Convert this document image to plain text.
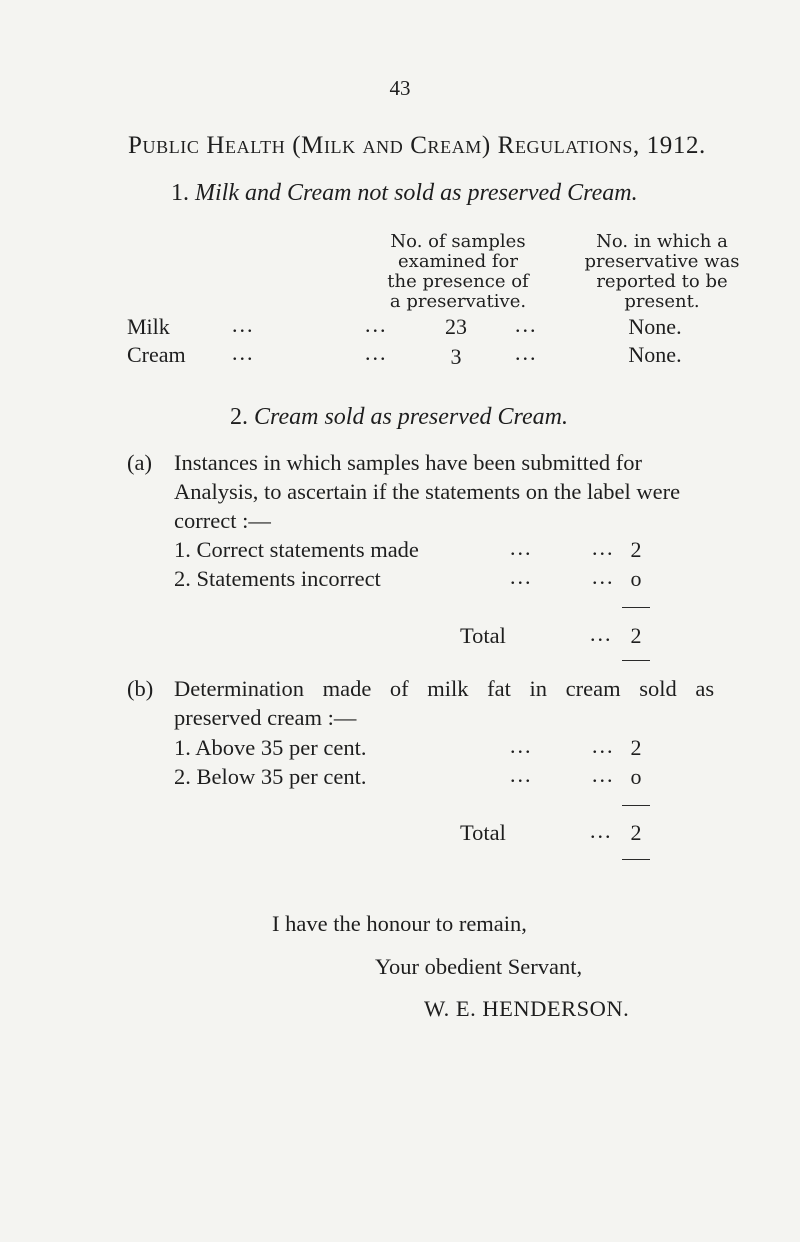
43
Public Health (Milk and Cream) Regulations, 1912.
1. Milk and Cream not sold as preserved Cream.
No. of samples
examined for
the presence of
a preservative.
No. in which a
preservative was
reported to be
present.
Milk	...	...	23	...	None.
Cream ...	...	3	...	None.
2. Cream sold as preserved Cream.
(a) Instances in which samples have been submitted for
Analysis, to ascertain if the statements on the label were
correct :—
1. Correct statements made	...	... 2
2. Statements incorrect	...	... o
Total	... 2
(b) Determination made of milk fat in cream sold as
preserved cream :—
1. Above 35 per cent.	...	... 2
2. Below 35 per cent.	...	... o
Total	... 2
I have the honour to remain,
Your obedient Servant,
W. E. HENDERSON.
